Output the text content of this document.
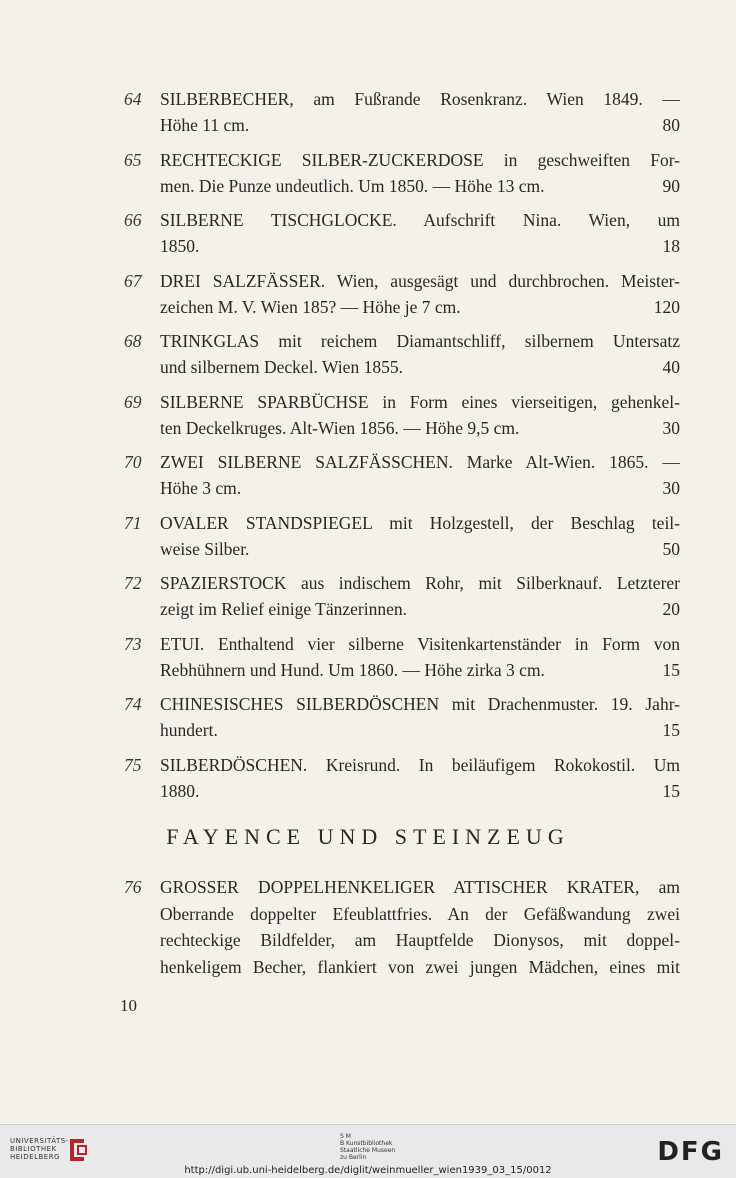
64	SILBERBECHER, am Fußrande Rosenkranz. Wien 1849. —
Höhe 11 cm.	80
65	RECHTECKIGE SILBER-ZUCKERDOSE in geschweiften For-
men. Die Punze undeutlich. Um 1850. — Höhe 13 cm.	90
66	SILBERNE TISCHGLOCKE. Aufschrift Nina. Wien, um
1850.	18
67	DREI SALZFÄSSER. Wien, ausgesägt und durchbrochen. Meister-
zeichen M. V. Wien 185? — Höhe je 7 cm.	120
68	TRINKGLAS mit reichem Diamantschliff, silbernem Untersatz
und silbernem Deckel. Wien 1855.	40
69	SILBERNE SPARBÜCHSE in Form eines vierseitigen, gehenkel-
ten Deckelkruges. Alt-Wien 1856. — Höhe 9,5 cm.	30
70	ZWEI SILBERNE SALZFÄSSCHEN. Marke Alt-Wien. 1865. —
Höhe 3 cm.	30
71	OVALER STANDSPIEGEL mit Holzgestell, der Beschlag teil-
weise Silber.	50
72	SPAZIERSTOCK aus indischem Rohr, mit Silberknauf. Letzterer
zeigt im Relief einige Tänzerinnen.	20
73	ETUI. Enthaltend vier silberne Visitenkartenständer in Form von
Rebhühnern und Hund. Um 1860. — Höhe zirka 3 cm.	15
74	CHINESISCHES SILBERDÖSCHEN mit Drachenmuster. 19. Jahr-
hundert.	15
75	SILBERDÖSCHEN. Kreisrund. In beiläufigem Rokokostil. Um
1880.	15
FAYENCE UND STEINZEUG
76 GROSSER DOPPELHENKELIGER ATTISCHER KRATER, am
Oberrande doppelter Efeublattfries. An der Gefäßwandung zwei
rechteckige Bildfelder, am Hauptfelde Dionysos, mit doppel-
henkeligem Becher, flankiert von zwei jungen Mädchen, eines mit
10
UNIVERSITÄTS-
BIBLIOTHEK
HEIDELBERG
S M
B Kunstbibliothek
Staatliche Museen
zu Berlin	DFG
http://digi.ub.uni-heidelberg.de/diglit/weinmueller_wien1939_03_15/0012
